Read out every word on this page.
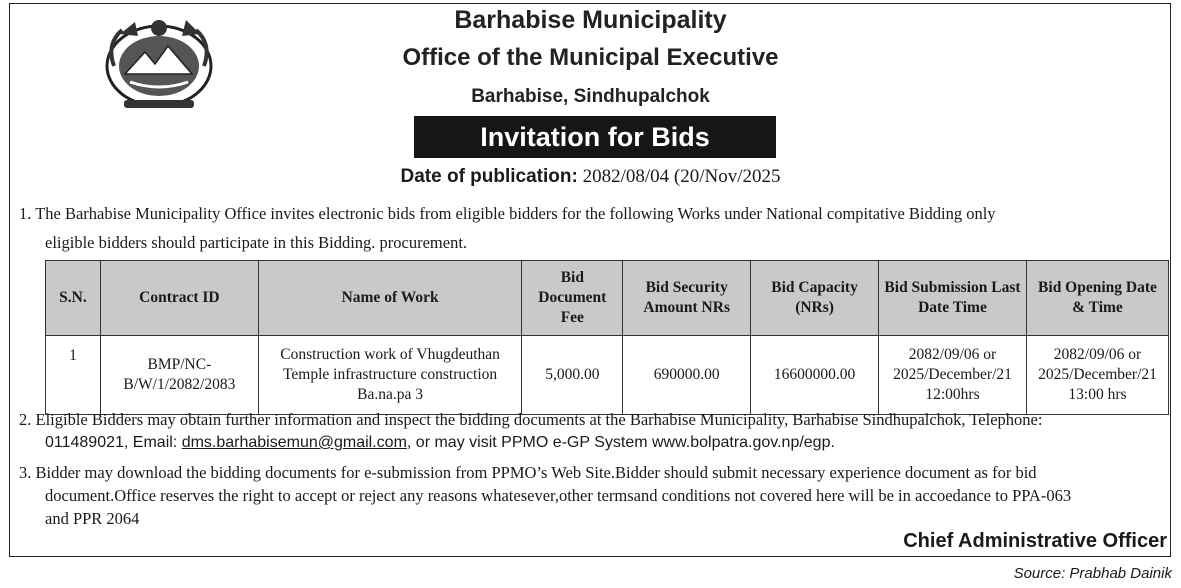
Barhabise Municipality
Office of the Municipal Executive
Barhabise, Sindhupalchok
Invitation for Bids
Date of publication: 2082/08/04 (20/Nov/2025
1. The Barhabise Municipality Office invites electronic bids from eligible bidders for the following Works under National compitative Bidding only
eligible bidders should participate in this Bidding. procurement.
S.N.	Contract ID	Name of Work	Bid Document Fee	Bid Security Amount NRs	Bid Capacity (NRs)	Bid Submission Last Date Time	Bid Opening Date & Time
1	BMP/NC-B/W/1/2082/2083	Construction work of Vhugdeuthan Temple infrastructure construction Ba.na.pa 3	5,000.00	690000.00	16600000.00	2082/09/06 or 2025/December/21 12:00hrs	2082/09/06 or 2025/December/21 13:00 hrs
2. Eligible Bidders may obtain further information and inspect the bidding documents at the Barhabise Municipality, Barhabise Sindhupalchok, Telephone:
011489021, Email: dms.barhabisemun@gmail.com, or may visit PPMO e-GP System www.bolpatra.gov.np/egp.
3. Bidder may download the bidding documents for e-submission from PPMO’s Web Site.Bidder should submit necessary experience document as for bid
document.Office reserves the right to accept or reject any reasons whatesever,other termsand conditions not covered here will be in accoedance to PPA-063
and PPR 2064
Chief Administrative Officer
Source: Prabhab Dainik
